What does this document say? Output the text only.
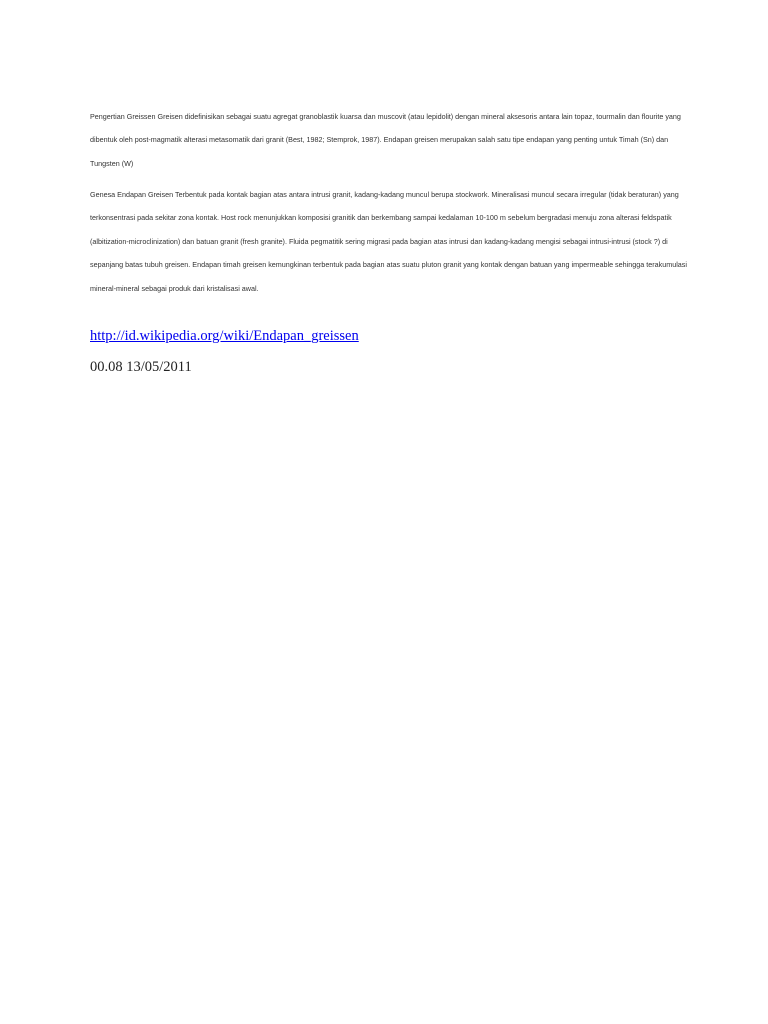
Pengertian Greissen Greisen didefinisikan sebagai suatu agregat granoblastik kuarsa dan muscovit (atau lepidolit) dengan mineral aksesoris antara lain topaz, tourmalin dan flourite yang dibentuk oleh post-magmatik alterasi metasomatik dari granit (Best, 1982; Stemprok, 1987). Endapan greisen merupakan salah satu tipe endapan yang penting untuk Timah (Sn) dan Tungsten (W)

Genesa Endapan Greisen Terbentuk pada kontak bagian atas antara intrusi granit, kadang-kadang muncul berupa stockwork. Mineralisasi muncul secara irregular (tidak beraturan) yang terkonsentrasi pada sekitar zona kontak. Host rock menunjukkan komposisi granitik dan berkembang sampai kedalaman 10-100 m sebelum bergradasi menuju zona alterasi feldspatik (albitization-microclinization) dan batuan granit (fresh granite). Fluida pegmatitik sering migrasi pada bagian atas intrusi dan kadang-kadang mengisi sebagai intrusi-intrusi (stock ?) di sepanjang batas tubuh greisen. Endapan timah greisen kemungkinan terbentuk pada bagian atas suatu pluton granit yang kontak dengan batuan yang impermeable sehingga terakumulasi mineral-mineral sebagai produk dari kristalisasi awal.

http://id.wikipedia.org/wiki/Endapan_greissen
00.08 13/05/2011
